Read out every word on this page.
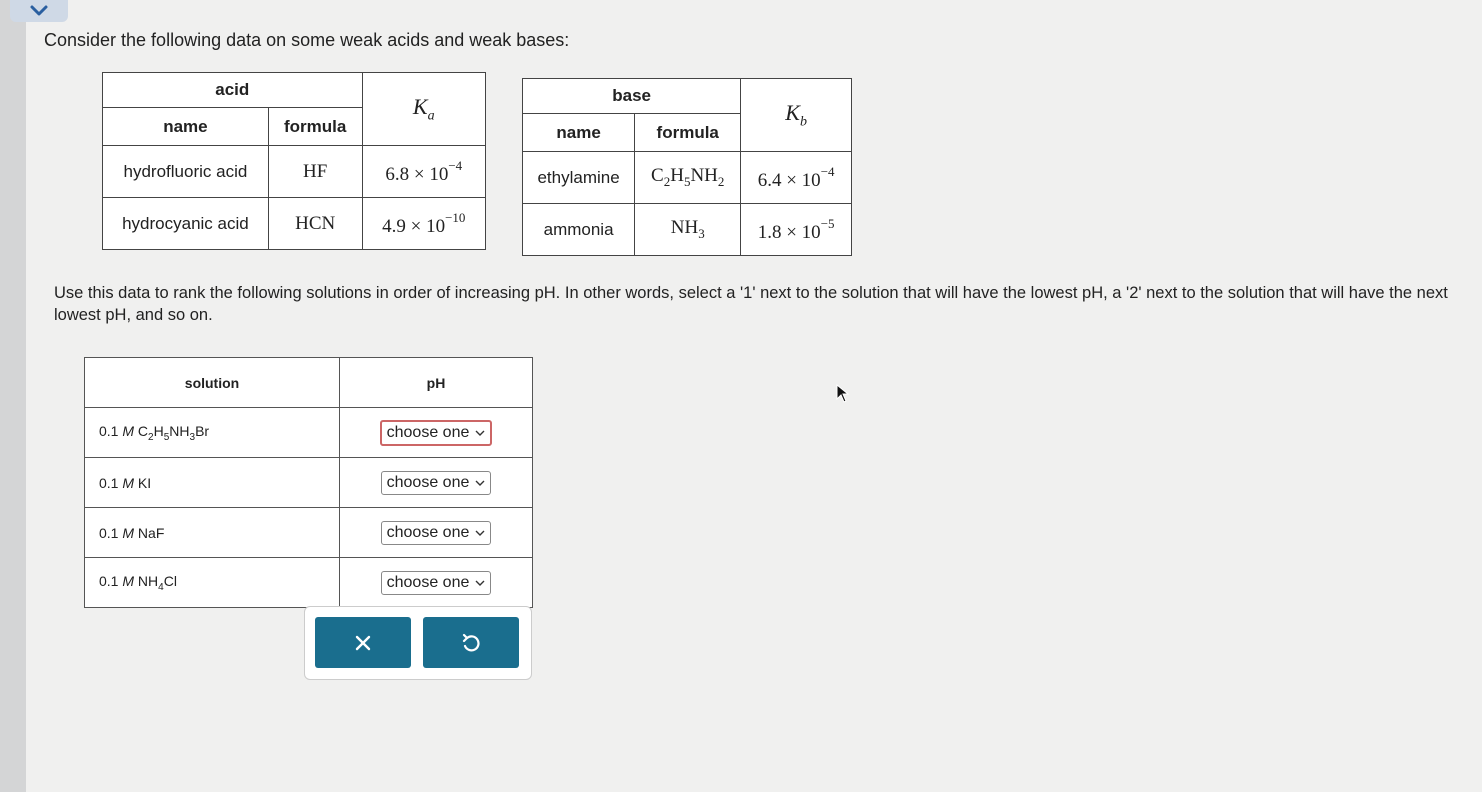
Consider the following data on some weak acids and weak bases:
acid		$K_a$
name	formula	
hydrofluoric acid	HF	$6.8 \times 10^{-4}$
hydrocyanic acid	HCN	$4.9 \times 10^{-10}$
base		$K_b$
name	formula	
ethylamine	$C_2H_5NH_2$	$6.4 \times 10^{-4}$
ammonia	$NH_3$	$1.8 \times 10^{-5}$
Use this data to rank the following solutions in order of increasing pH. In other words, select a '1' next to the solution that will have the lowest pH, a '2' next to the solution that will have the next lowest pH, and so on.
solution	pH
0.1 M $C_2H_5NH_3Br$	choose one

0.1 M KI	choose one

0.1 M NaF	choose one

0.1 M $NH_4Cl$	choose one
